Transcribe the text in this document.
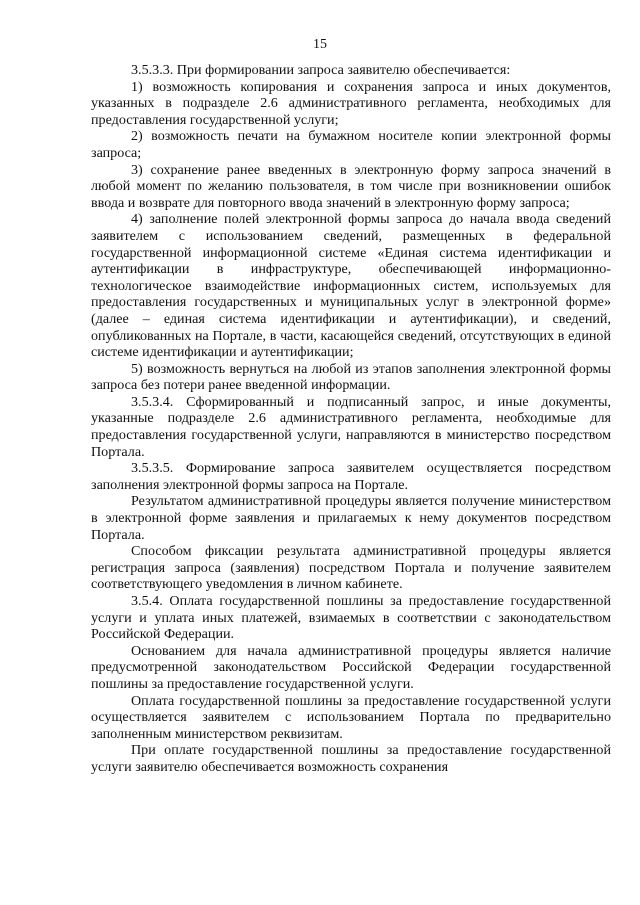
15

3.5.3.3. При формировании запроса заявителю обеспечивается:

1) возможность копирования и сохранения запроса и иных документов, указанных в подразделе 2.6 административного регламента, необходимых для предоставления государственной услуги;

2) возможность печати на бумажном носителе копии электронной формы запроса;

3) сохранение ранее введенных в электронную форму запроса значений в любой момент по желанию пользователя, в том числе при возникновении ошибок ввода и возврате для повторного ввода значений в электронную форму запроса;

4) заполнение полей электронной формы запроса до начала ввода сведений заявителем с использованием сведений, размещенных в федеральной государственной информационной системе «Единая система идентификации и аутентификации в инфраструктуре, обеспечивающей информационно-технологическое взаимодействие информационных систем, используемых для предоставления государственных и муниципальных услуг в электронной форме» (далее – единая система идентификации и аутентификации), и сведений, опубликованных на Портале, в части, касающейся сведений, отсутствующих в единой системе идентификации и аутентификации;

5) возможность вернуться на любой из этапов заполнения электронной формы запроса без потери ранее введенной информации.

3.5.3.4. Сформированный и подписанный запрос, и иные документы, указанные подразделе 2.6 административного регламента, необходимые для предоставления государственной услуги, направляются в министерство посредством Портала.

3.5.3.5. Формирование запроса заявителем осуществляется посредством заполнения электронной формы запроса на Портале.

Результатом административной процедуры является получение министерством в электронной форме заявления и прилагаемых к нему документов посредством Портала.

Способом фиксации результата административной процедуры является регистрация запроса (заявления) посредством Портала и получение заявителем соответствующего уведомления в личном кабинете.

3.5.4. Оплата государственной пошлины за предоставление государственной услуги и уплата иных платежей, взимаемых в соответствии с законодательством Российской Федерации.

Основанием для начала административной процедуры является наличие предусмотренной законодательством Российской Федерации государственной пошлины за предоставление государственной услуги.

Оплата государственной пошлины за предоставление государственной услуги осуществляется заявителем с использованием Портала по предварительно заполненным министерством реквизитам.

При оплате государственной пошлины за предоставление государственной услуги заявителю обеспечивается возможность сохранения
